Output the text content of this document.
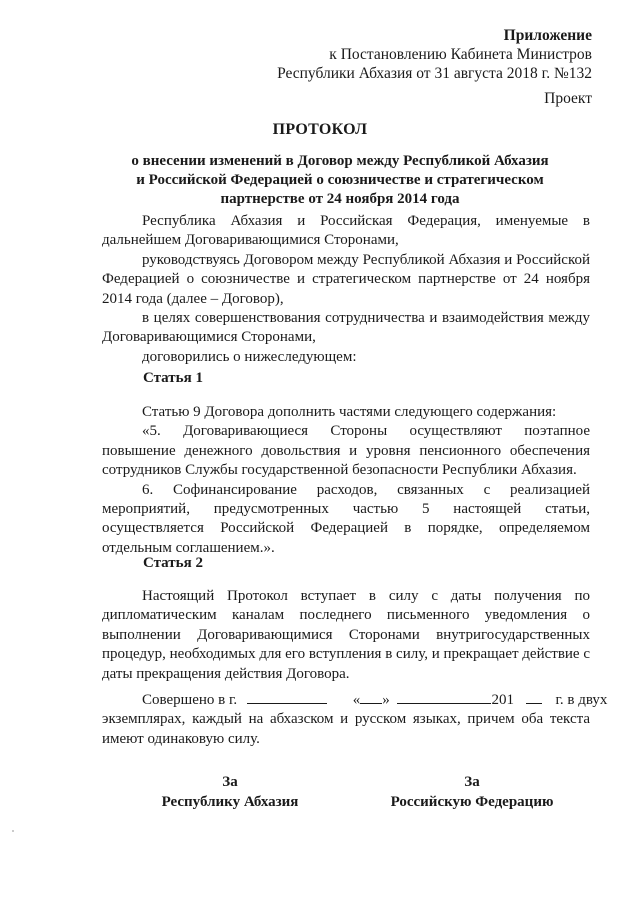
Приложение
к Постановлению Кабинета Министров
Республики Абхазия от 31 августа 2018 г. №132
Проект
ПРОТОКОЛ
о внесении изменений в Договор между Республикой Абхазия
и Российской Федерацией о союзничестве и стратегическом
партнерстве от 24 ноября 2014 года

Республика Абхазия и Российская Федерация, именуемые в дальнейшем Договаривающимися Сторонами,

руководствуясь Договором между Республикой Абхазия и Российской Федерацией о союзничестве и стратегическом партнерстве от 24 ноября 2014 года (далее – Договор),

в целях совершенствования сотрудничества и взаимодействия между Договаривающимися Сторонами,

договорились о нижеследующем:

Статья 1

Статью 9 Договора дополнить частями следующего содержания:

«5. Договаривающиеся Стороны осуществляют поэтапное повышение денежного довольствия и уровня пенсионного обеспечения сотрудников Службы государственной безопасности Республики Абхазия.

6. Софинансирование расходов, связанных с реализацией мероприятий, предусмотренных частью 5 настоящей статьи, осуществляется Российской Федерацией в порядке, определяемом отдельным соглашением.».

Статья 2

Настоящий Протокол вступает в силу с даты получения по дипломатическим каналам последнего письменного уведомления о выполнении Договаривающимися Сторонами внутригосударственных процедур, необходимых для его вступления в силу, и прекращает действие с даты прекращения действия Договора.

Совершено в г.	« »	201	г. в двух

экземплярах, каждый на абхазском и русском языках, причем оба текста имеют одинаковую силу.

За
Республику Абхазия
За
Российскую Федерацию
